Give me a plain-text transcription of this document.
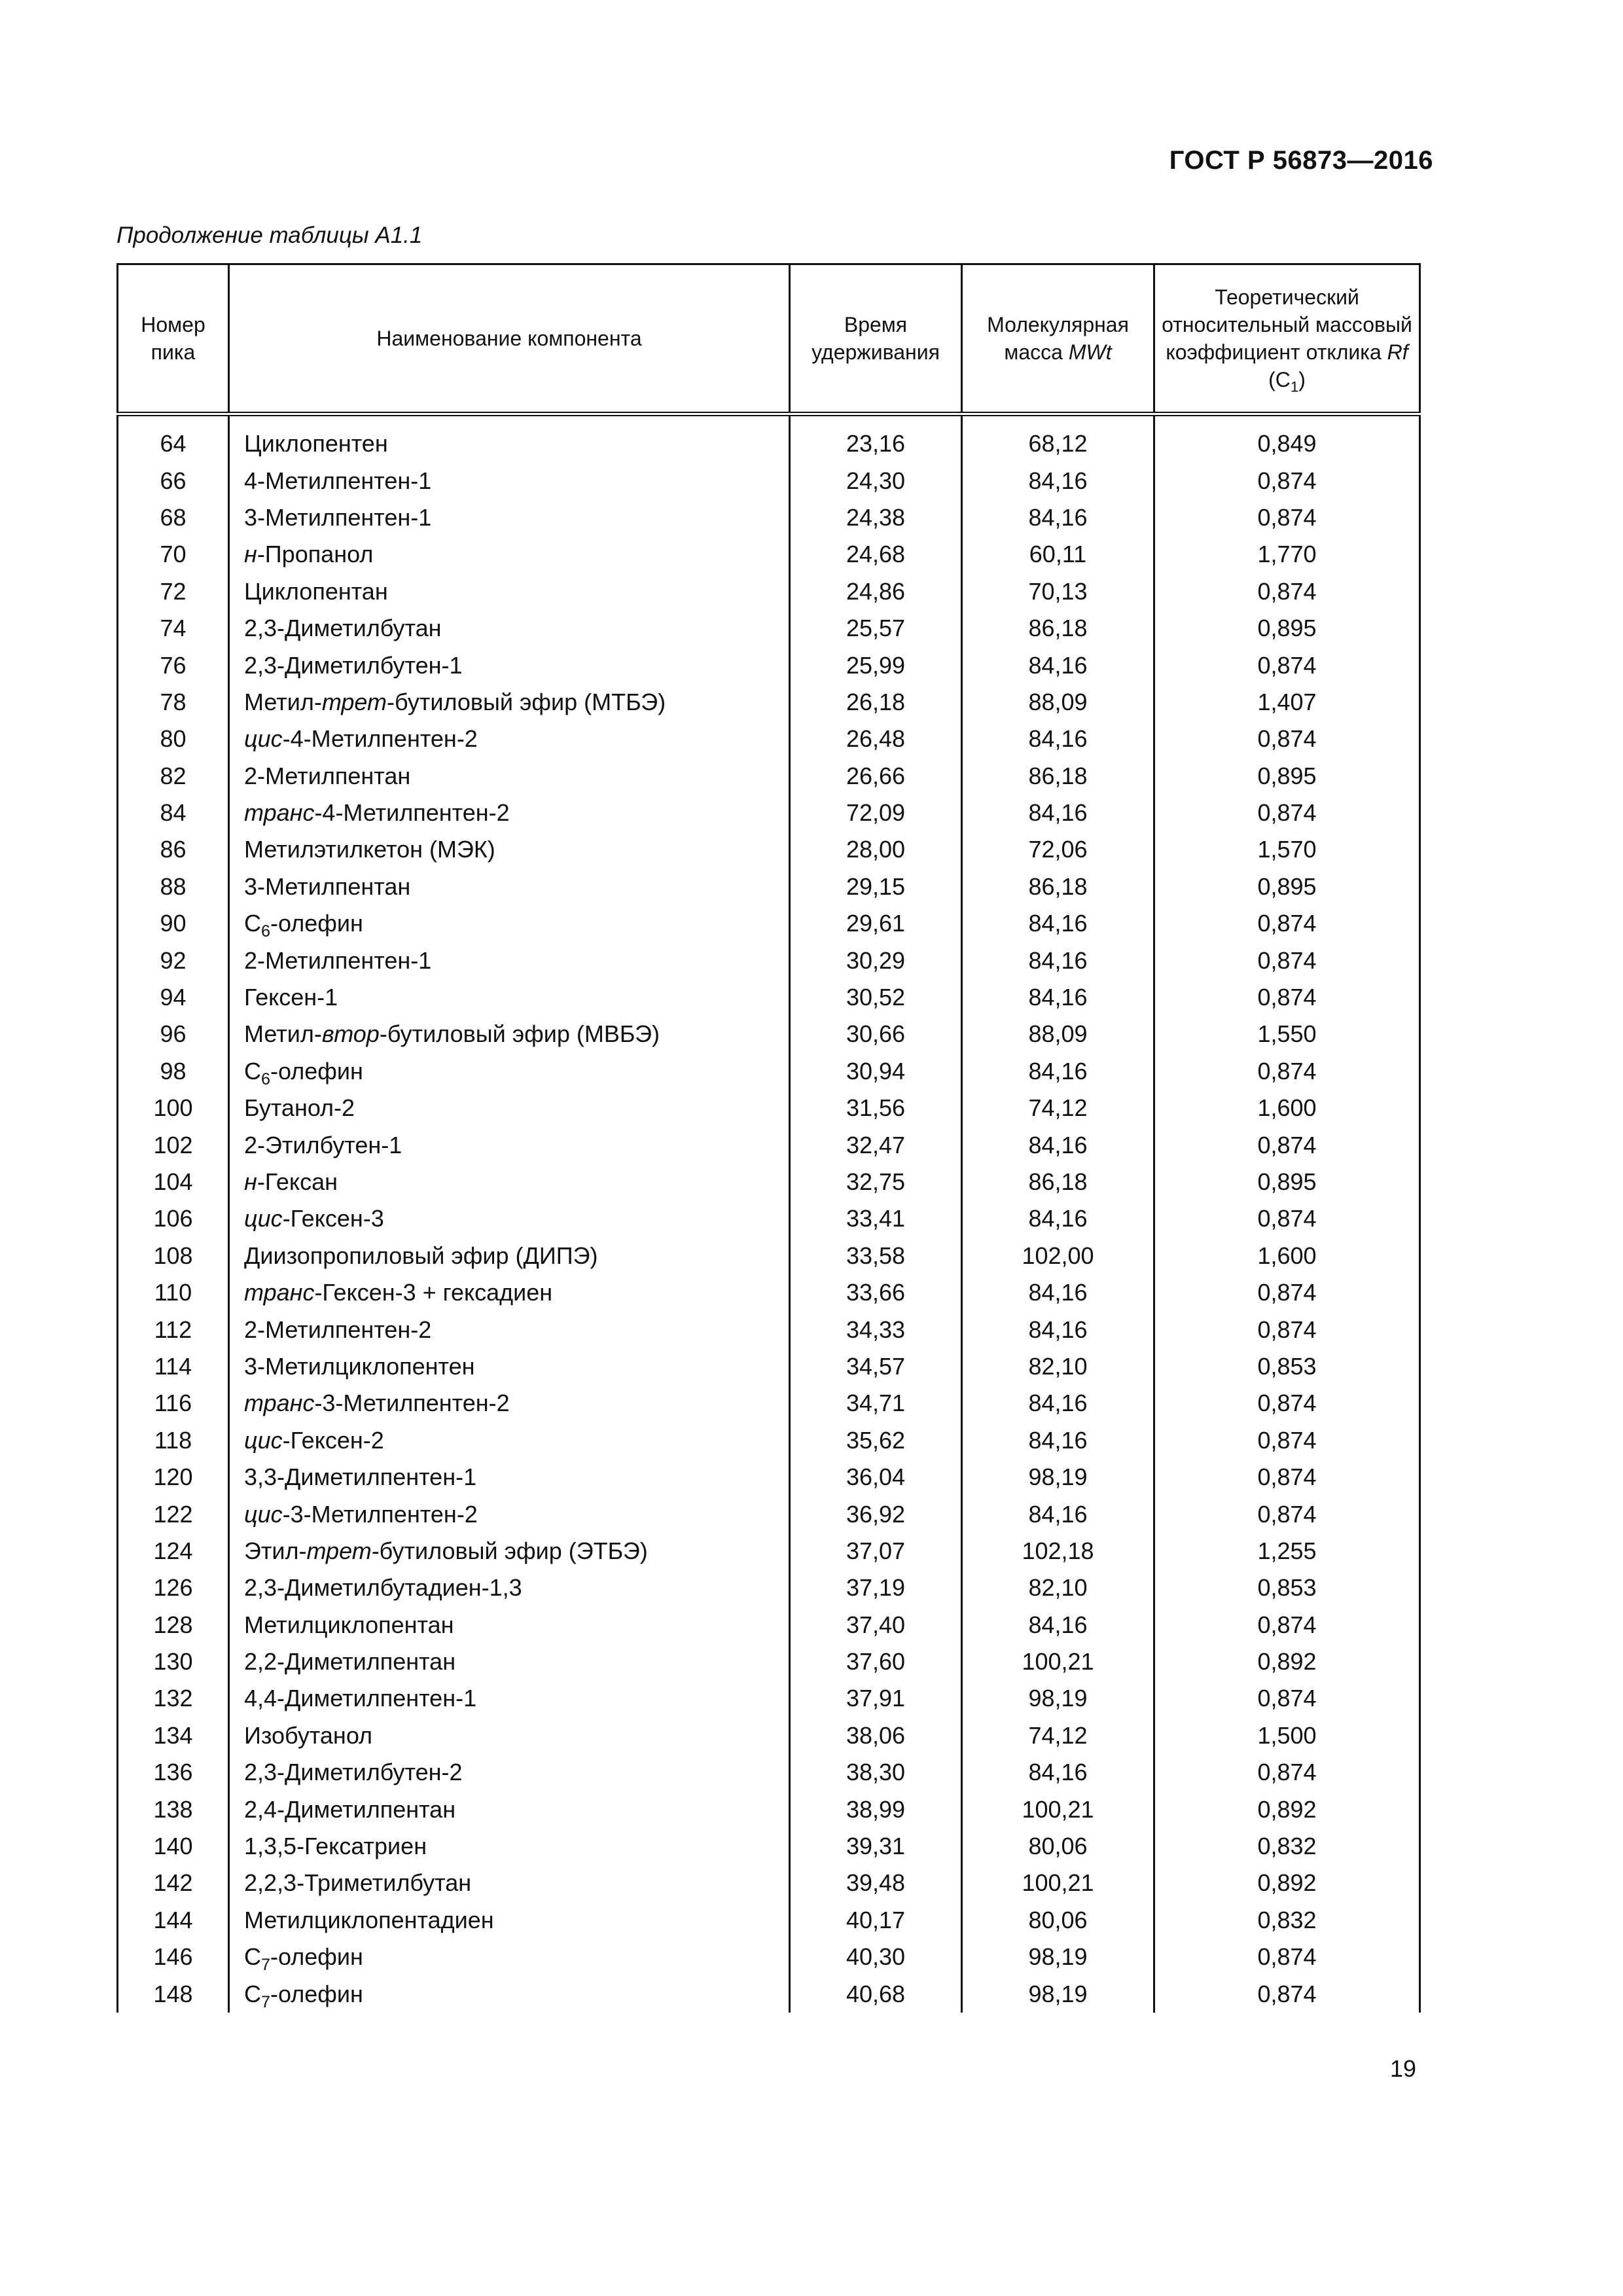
ГОСТ Р 56873—2016
Продолжение таблицы А1.1
Номер пика	Наименование компонента	Время удерживания	Молекулярная масса MWt	Теоретический относительный массовый коэффициент отклика Rf $(C_1)$
64	Циклопентен	23,16	68,12	0,849
66	4-Метилпентен-1	24,30	84,16	0,874
68	3-Метилпентен-1	24,38	84,16	0,874
70	н-Пропанол	24,68	60,11	1,770
72	Циклопентан	24,86	70,13	0,874
74	2,3-Диметилбутан	25,57	86,18	0,895
76	2,3-Диметилбутен-1	25,99	84,16	0,874
78	Метил-трет-бутиловый эфир (МТБЭ)	26,18	88,09	1,407
80	цис-4-Метилпентен-2	26,48	84,16	0,874
82	2-Метилпентан	26,66	86,18	0,895
84	транс-4-Метилпентен-2	72,09	84,16	0,874
86	Метилэтилкетон (МЭК)	28,00	72,06	1,570
88	3-Метилпентан	29,15	86,18	0,895
90	$C_6$-олефин	29,61	84,16	0,874
92	2-Метилпентен-1	30,29	84,16	0,874
94	Гексен-1	30,52	84,16	0,874
96	Метил-втор-бутиловый эфир (МВБЭ)	30,66	88,09	1,550
98	$C_6$-олефин	30,94	84,16	0,874
100	Бутанол-2	31,56	74,12	1,600
102	2-Этилбутен-1	32,47	84,16	0,874
104	н-Гексан	32,75	86,18	0,895
106	цис-Гексен-3	33,41	84,16	0,874
108	Диизопропиловый эфир (ДИПЭ)	33,58	102,00	1,600
110	транс-Гексен-3 + гексадиен	33,66	84,16	0,874
112	2-Метилпентен-2	34,33	84,16	0,874
114	3-Метилциклопентен	34,57	82,10	0,853
116	транс-3-Метилпентен-2	34,71	84,16	0,874
118	цис-Гексен-2	35,62	84,16	0,874
120	3,3-Диметилпентен-1	36,04	98,19	0,874
122	цис-3-Метилпентен-2	36,92	84,16	0,874
124	Этил-трет-бутиловый эфир (ЭТБЭ)	37,07	102,18	1,255
126	2,3-Диметилбутадиен-1,3	37,19	82,10	0,853
128	Метилциклопентан	37,40	84,16	0,874
130	2,2-Диметилпентан	37,60	100,21	0,892
132	4,4-Диметилпентен-1	37,91	98,19	0,874
134	Изобутанол	38,06	74,12	1,500
136	2,3-Диметилбутен-2	38,30	84,16	0,874
138	2,4-Диметилпентан	38,99	100,21	0,892
140	1,3,5-Гексатриен	39,31	80,06	0,832
142	2,2,3-Триметилбутан	39,48	100,21	0,892
144	Метилциклопентадиен	40,17	80,06	0,832
146	$C_7$-олефин	40,30	98,19	0,874
148	$C_7$-олефин	40,68	98,19	0,874
19
